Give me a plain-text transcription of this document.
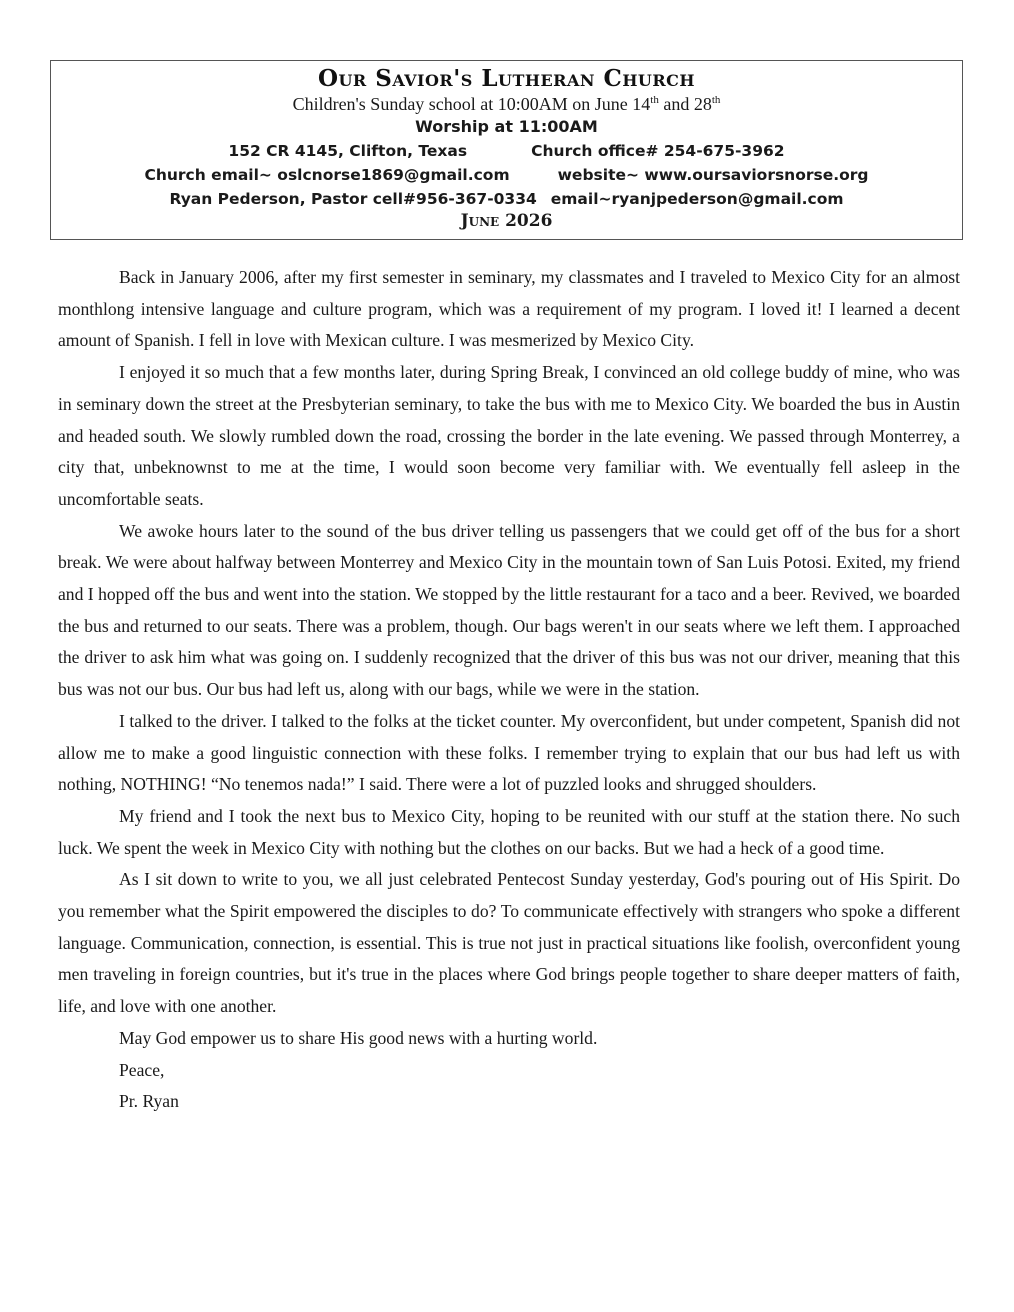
Our Savior's Lutheran Church
Children's Sunday school at 10:00AM on June 14th and 28th
Worship at 11:00AM
152 CR 4145, Clifton, Texas	Church office# 254-675-3962
Church email~ oslcnorse1869@gmail.com	website~ www.oursaviorsnorse.org
Ryan Pederson, Pastor cell#956-367-0334 email~ryanjpederson@gmail.com
June 2026

Back in January 2006, after my first semester in seminary, my classmates and I traveled to Mexico City for an almost monthlong intensive language and culture program, which was a requirement of my program. I loved it! I learned a decent amount of Spanish. I fell in love with Mexican culture. I was mesmerized by Mexico City.

I enjoyed it so much that a few months later, during Spring Break, I convinced an old college buddy of mine, who was in seminary down the street at the Presbyterian seminary, to take the bus with me to Mexico City. We boarded the bus in Austin and headed south. We slowly rumbled down the road, crossing the border in the late evening. We passed through Monterrey, a city that, unbeknownst to me at the time, I would soon become very familiar with. We eventually fell asleep in the uncomfortable seats.

We awoke hours later to the sound of the bus driver telling us passengers that we could get off of the bus for a short break. We were about halfway between Monterrey and Mexico City in the mountain town of San Luis Potosi. Exited, my friend and I hopped off the bus and went into the station. We stopped by the little restaurant for a taco and a beer. Revived, we boarded the bus and returned to our seats. There was a problem, though. Our bags weren't in our seats where we left them. I approached the driver to ask him what was going on. I suddenly recognized that the driver of this bus was not our driver, meaning that this bus was not our bus. Our bus had left us, along with our bags, while we were in the station.

I talked to the driver. I talked to the folks at the ticket counter. My overconfident, but under competent, Spanish did not allow me to make a good linguistic connection with these folks. I remember trying to explain that our bus had left us with nothing, NOTHING! “No tenemos nada!” I said. There were a lot of puzzled looks and shrugged shoulders.

My friend and I took the next bus to Mexico City, hoping to be reunited with our stuff at the station there. No such luck. We spent the week in Mexico City with nothing but the clothes on our backs. But we had a heck of a good time.

As I sit down to write to you, we all just celebrated Pentecost Sunday yesterday, God's pouring out of His Spirit. Do you remember what the Spirit empowered the disciples to do? To communicate effectively with strangers who spoke a different language. Communication, connection, is essential. This is true not just in practical situations like foolish, overconfident young men traveling in foreign countries, but it's true in the places where God brings people together to share deeper matters of faith, life, and love with one another.

May God empower us to share His good news with a hurting world.

Peace,

Pr. Ryan
